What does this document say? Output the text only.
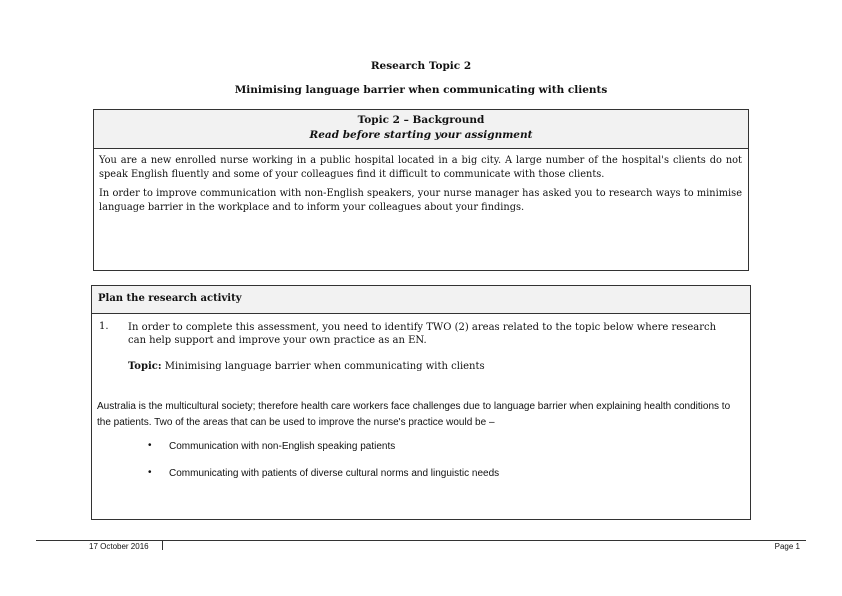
Research Topic 2
Minimising language barrier when communicating with clients
Topic 2 – Background
Read before starting your assignment

You are a new enrolled nurse working in a public hospital located in a big city. A large number of the hospital's clients do not speak English fluently and some of your colleagues find it difficult to communicate with those clients.

In order to improve communication with non-English speakers, your nurse manager has asked you to research ways to minimise language barrier in the workplace and to inform your colleagues about your findings.

Plan the research activity
1. In order to complete this assessment, you need to identify TWO (2) areas related to the topic below where research can help support and improve your own practice as an EN.
Topic: Minimising language barrier when communicating with clients
Australia is the multicultural society; therefore health care workers face challenges due to language barrier when explaining health conditions to the patients. Two of the areas that can be used to improve the nurse's practice would be –
• Communication with non-English speaking patients
• Communicating with patients of diverse cultural norms and linguistic needs
17 October 2016	Page 1
